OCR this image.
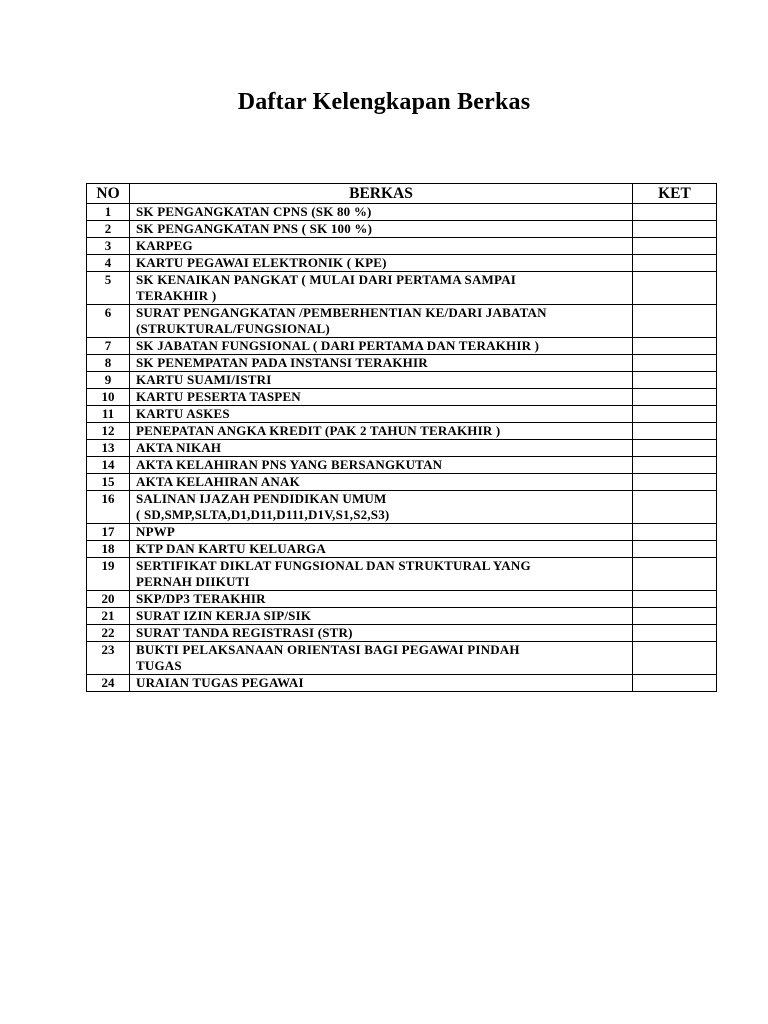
Daftar Kelengkapan Berkas
NO	BERKAS	KET
1	SK PENGANGKATAN CPNS (SK 80 %)	

2	SK PENGANGKATAN PNS ( SK 100 %)	

3	KARPEG	

4	KARTU PEGAWAI ELEKTRONIK ( KPE)	

5	SK KENAIKAN PANGKAT ( MULAI DARI PERTAMA SAMPAI
TERAKHIR )	

6	SURAT PENGANGKATAN /PEMBERHENTIAN KE/DARI JABATAN
(STRUKTURAL/FUNGSIONAL)	

7	SK JABATAN FUNGSIONAL ( DARI PERTAMA DAN TERAKHIR )	

8	SK PENEMPATAN PADA INSTANSI TERAKHIR	

9	KARTU SUAMI/ISTRI	

10	KARTU PESERTA TASPEN	

11	KARTU ASKES	

12	PENEPATAN ANGKA KREDIT (PAK 2 TAHUN TERAKHIR )	

13	AKTA NIKAH	

14	AKTA KELAHIRAN PNS YANG BERSANGKUTAN	

15	AKTA KELAHIRAN ANAK	

16	SALINAN IJAZAH PENDIDIKAN UMUM
( SD,SMP,SLTA,D1,D11,D111,D1V,S1,S2,S3)	

17	NPWP	

18	KTP DAN KARTU KELUARGA	

19	SERTIFIKAT DIKLAT FUNGSIONAL DAN STRUKTURAL YANG
PERNAH DIIKUTI	

20	SKP/DP3 TERAKHIR	

21	SURAT IZIN KERJA SIP/SIK	

22	SURAT TANDA REGISTRASI (STR)	

23	BUKTI PELAKSANAAN ORIENTASI BAGI PEGAWAI PINDAH
TUGAS	

24	URAIAN TUGAS PEGAWAI	
